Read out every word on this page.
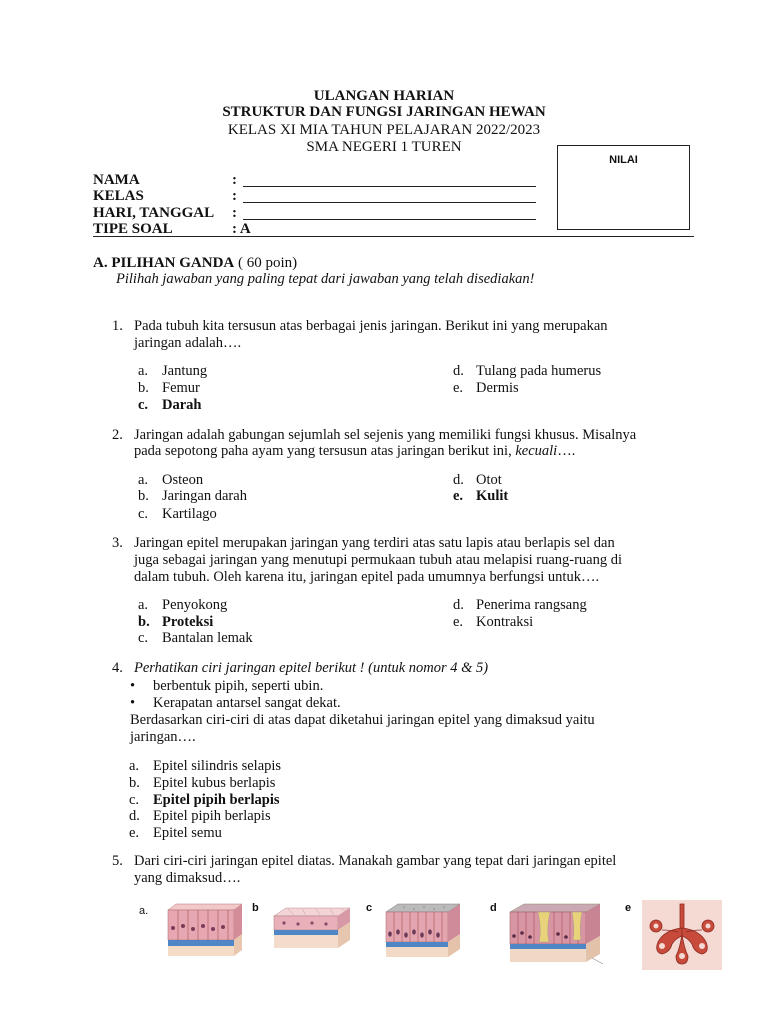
ULANGAN HARIAN
STRUKTUR DAN FUNGSI JARINGAN HEWAN
KELAS XI MIA TAHUN PELAJARAN 2022/2023
SMA NEGERI 1 TUREN
NILAI
NAMA	:
KELAS	:
HARI, TANGGAL :
TIPE SOAL	: A
A. PILIHAN GANDA ( 60 poin)
Pilihah jawaban yang paling tepat dari jawaban yang telah disediakan!
1. Pada tubuh kita tersusun atas berbagai jenis jaringan. Berikut ini yang merupakan
jaringan adalah….
a. Jantung
b. Femur
c. Darah
d. Tulang pada humerus
e. Dermis
2. Jaringan adalah gabungan sejumlah sel sejenis yang memiliki fungsi khusus. Misalnya
pada sepotong paha ayam yang tersusun atas jaringan berikut ini, kecuali….
a. Osteon
b. Jaringan darah
c. Kartilago
d. Otot
e. Kulit
3. Jaringan epitel merupakan jaringan yang terdiri atas satu lapis atau berlapis sel dan
juga sebagai jaringan yang menutupi permukaan tubuh atau melapisi ruang-ruang di
dalam tubuh. Oleh karena itu, jaringan epitel pada umumnya berfungsi untuk….
a. Penyokong
b. Proteksi
c. Bantalan lemak
d. Penerima rangsang
e. Kontraksi
4. Perhatikan ciri jaringan epitel berikut ! (untuk nomor 4 & 5)
• berbentuk pipih, seperti ubin.
• Kerapatan antarsel sangat dekat.
Berdasarkan ciri-ciri di atas dapat diketahui jaringan epitel yang dimaksud yaitu
jaringan….
a. Epitel silindris selapis
b. Epitel kubus berlapis
c. Epitel pipih berlapis
d. Epitel pipih berlapis
e. Epitel semu
5. Dari ciri-ciri jaringan epitel diatas. Manakah gambar yang tepat dari jaringan epitel
yang dimaksud….
a.	b	c	d	e
